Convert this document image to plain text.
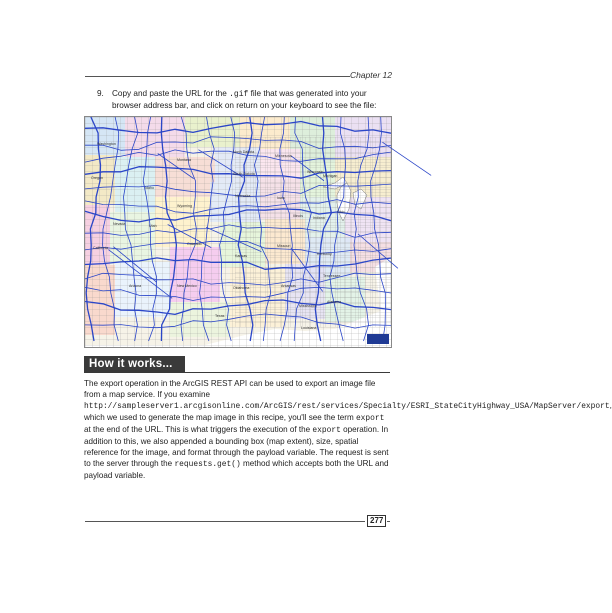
Chapter 12
9. Copy and paste the URL for the .gif file that was generated into your browser address bar, and click on return on your keyboard to see the file:
Washington
Montana
North Dakota
Minnesota
Oregon
Idaho
South Dakota	Wisconsin
Michigan
Wyoming
Iowa
Nebraska
Illinois	Indiana
Ohio
Nevada	Utah
Colorado
Kansas
Missouri
Kentucky
California
Arizona	New Mexico	Oklahoma	Arkansas
Tennessee
Texas
Mississippi
Alabama
Louisiana
How it works...
The export operation in the ArcGIS REST API can be used to export an image file from a map service. If you examine http://sampleserver1.arcgisonline.com/ArcGIS/rest/services/Specialty/ESRI_StateCityHighway_USA/MapServer/export, which we used to generate the map image in this recipe, you'll see the term export at the end of the URL. This is what triggers the execution of the export operation. In addition to this, we also appended a bounding box (map extent), size, spatial reference for the image, and format through the payload variable. The request is sent to the server through the requests.get() method which accepts both the URL and payload variable.
277
